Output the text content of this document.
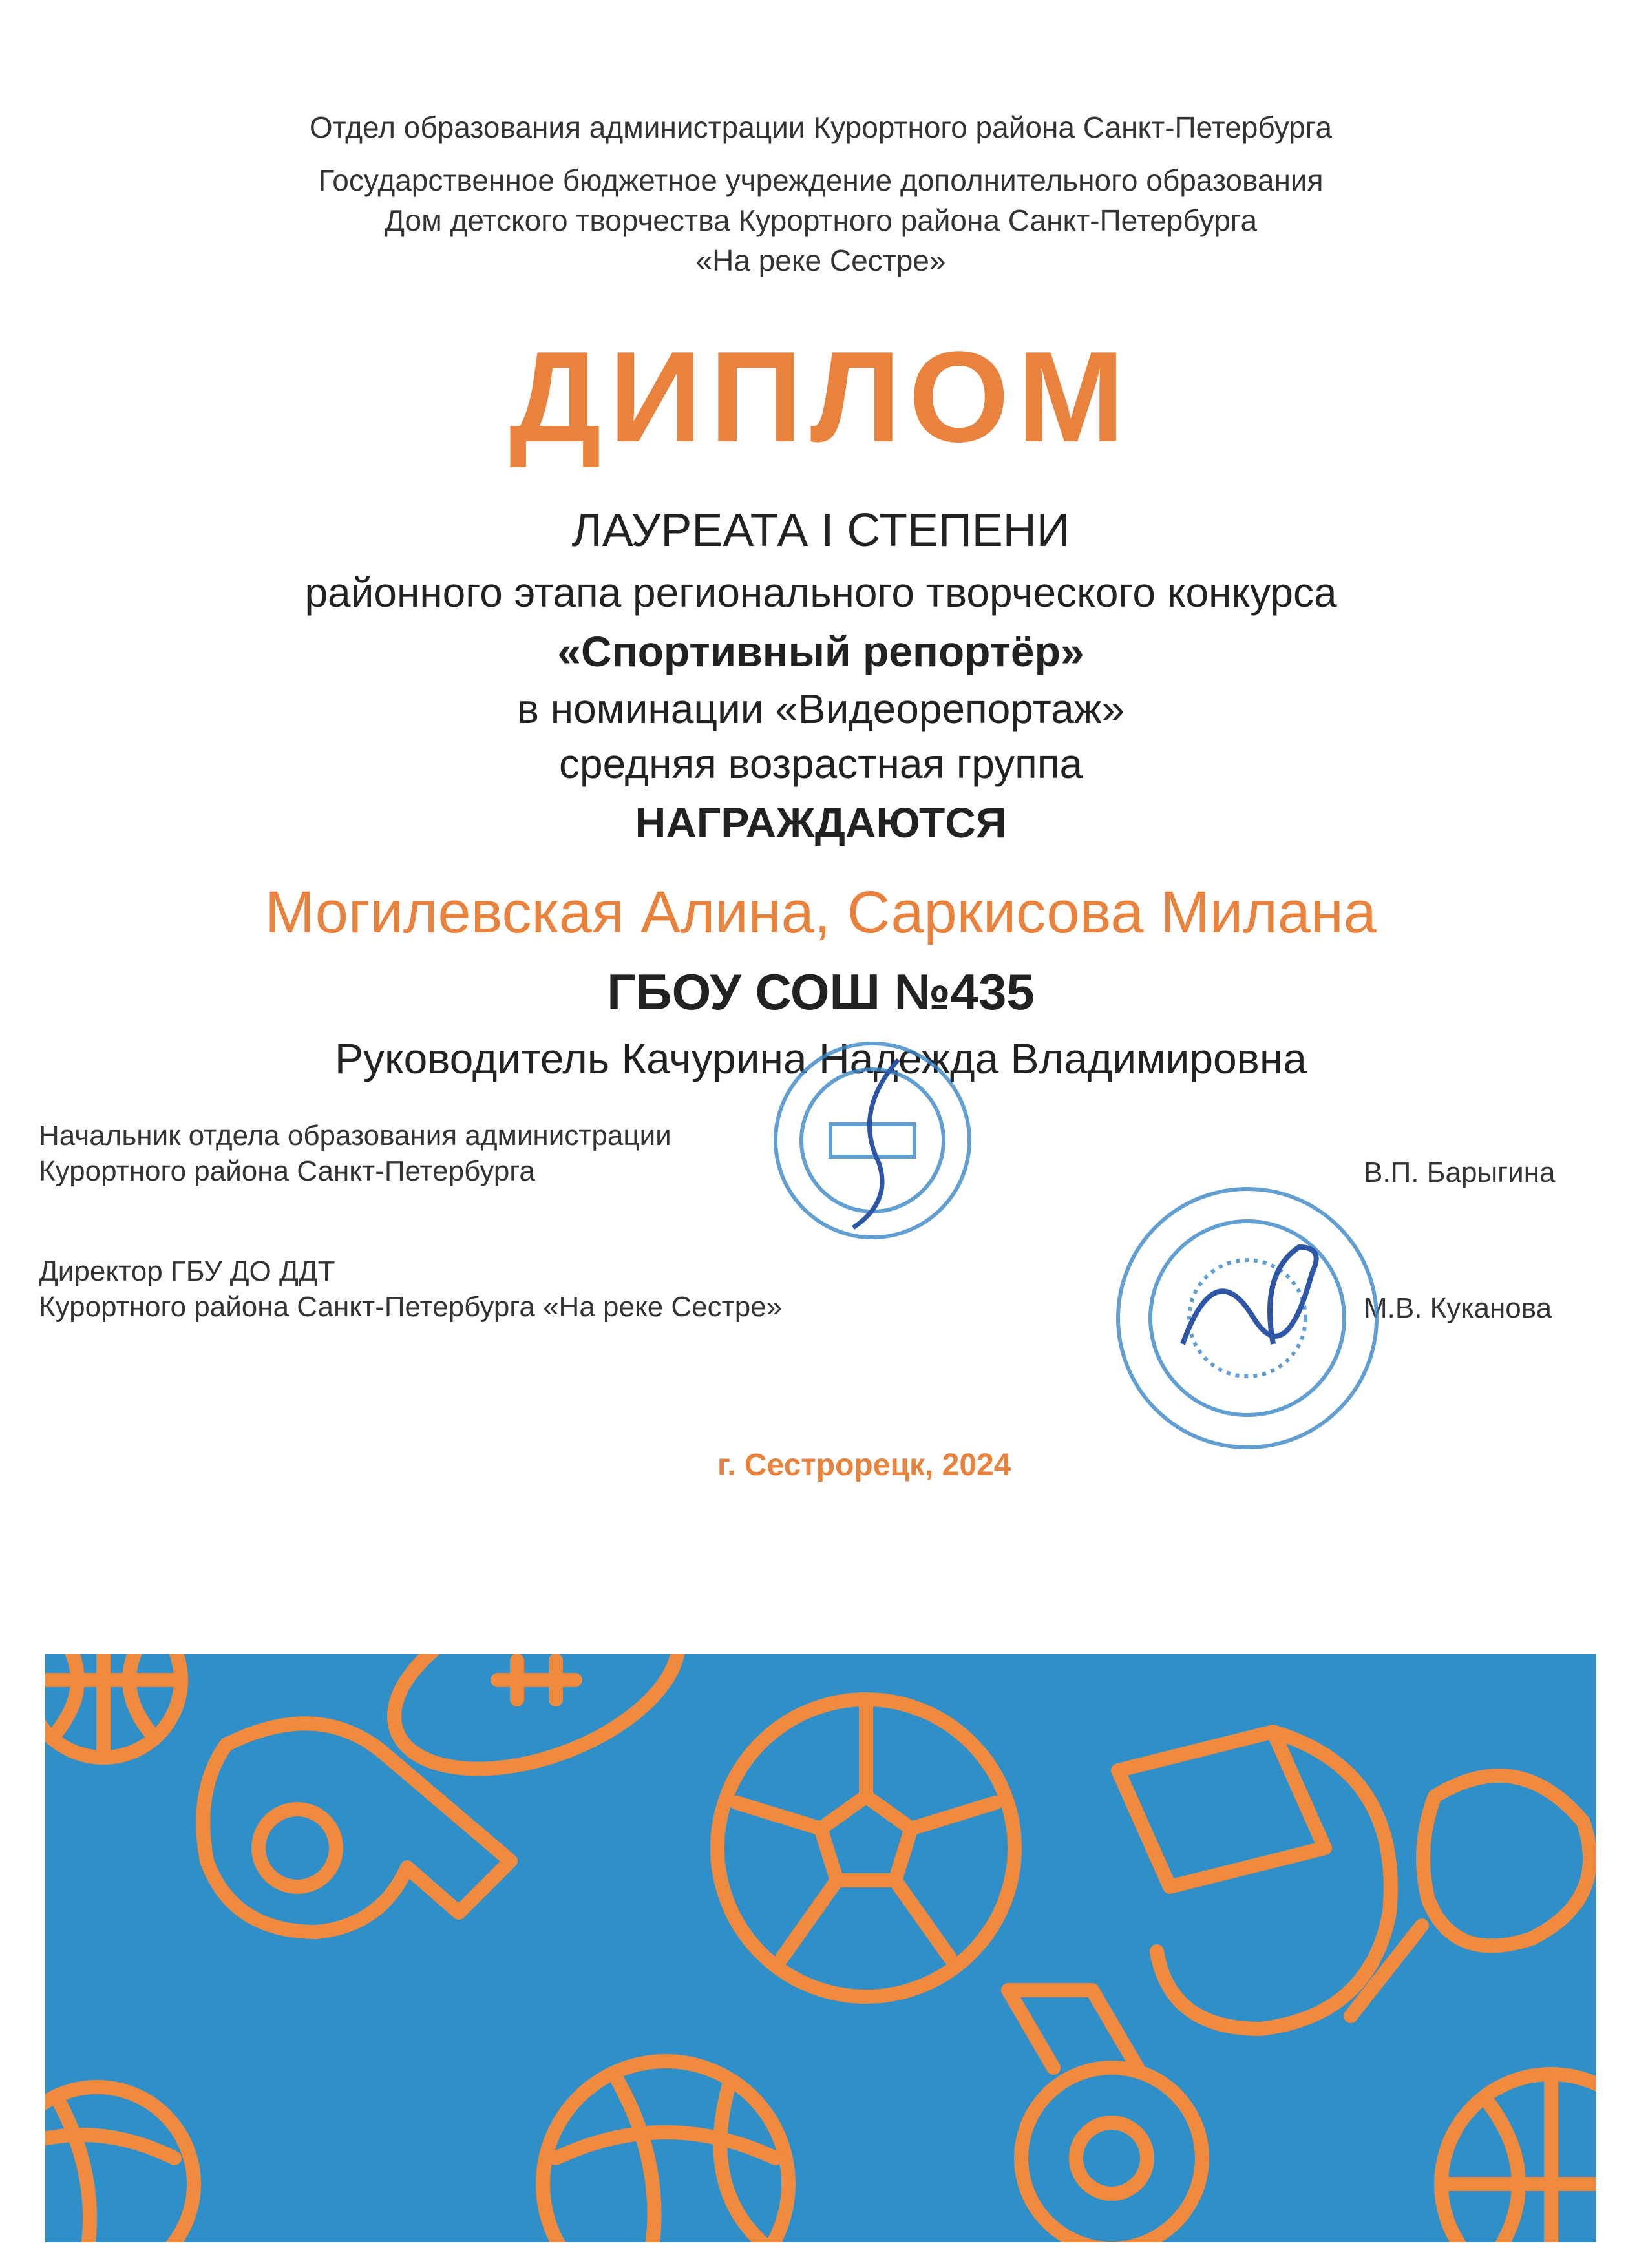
Отдел образования администрации Курортного района Санкт-Петербурга
Государственное бюджетное учреждение дополнительного образования
Дом детского творчества Курортного района Санкт-Петербурга
«На реке Сестре»
ДИПЛОМ
ЛАУРЕАТА I СТЕПЕНИ
районного этапа регионального творческого конкурса
«Спортивный репортёр»
в номинации «Видеорепортаж»
средняя возрастная группа
НАГРАЖДАЮТСЯ
Могилевская Алина, Саркисова Милана
ГБОУ СОШ №435
Руководитель Качурина Надежда Владимировна
Начальник отдела образования администрации
Курортного района Санкт-Петербурга	В.П. Барыгина
Директор ГБУ ДО ДДТ
Курортного района Санкт-Петербурга «На реке Сестре»	М.В. Куканова
г. Сестрорецк, 2024
